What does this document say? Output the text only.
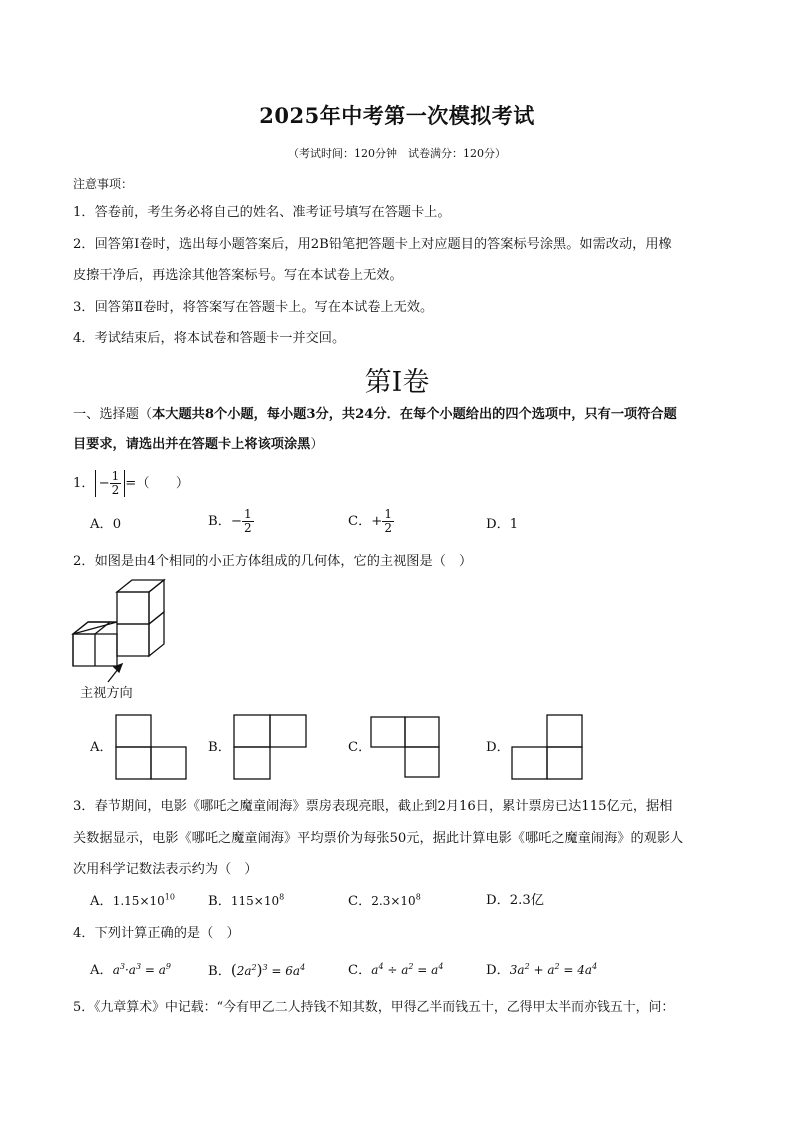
2025年中考第一次模拟考试
（考试时间：120分钟　试卷满分：120分）
注意事项：
1．答卷前，考生务必将自己的姓名、准考证号填写在答题卡上。
2．回答第Ⅰ卷时，选出每小题答案后，用2B铅笔把答题卡上对应题目的答案标号涂黑。如需改动，用橡
皮擦干净后，再选涂其他答案标号。写在本试卷上无效。
3．回答第Ⅱ卷时，将答案写在答题卡上。写在本试卷上无效。
4．考试结束后，将本试卷和答题卡一并交回。
第Ⅰ卷
一、选择题（本大题共8个小题，每小题3分，共24分．在每个小题给出的四个选项中，只有一项符合题
目要求，请选出并在答题卡上将该项涂黑）
1． − $\frac{1}{2}$ =（　　）
A．0	B．− $\frac{1}{2}$	C．+ $\frac{1}{2}$	D．1
2．如图是由4个相同的小正方体组成的几何体，它的主视图是（　）
主视方向
A．	B．	C．	D．
3．春节期间，电影《哪吒之魔童闹海》票房表现亮眼，截止到2月16日，累计票房已达115亿元，据相
关数据显示，电影《哪吒之魔童闹海》平均票价为每张50元，据此计算电影《哪吒之魔童闹海》的观影人
次用科学记数法表示约为（　）
A．$1.15\times 10^{10}$	B．$115\times 10^8$	C．$2.3\times 10^8$	D．2.3亿
4．下列计算正确的是（　）
A．$a^3\cdot a^3 = a^9$	B．$(2a^2)^3 = 6a^4$	C．$a^4 \div a^2 = a^4$	D．$3a^2 + a^2 = 4a^4$
5．《九章算术》中记载：“今有甲乙二人持钱不知其数，甲得乙半而钱五十，乙得甲太半而亦钱五十，问：
